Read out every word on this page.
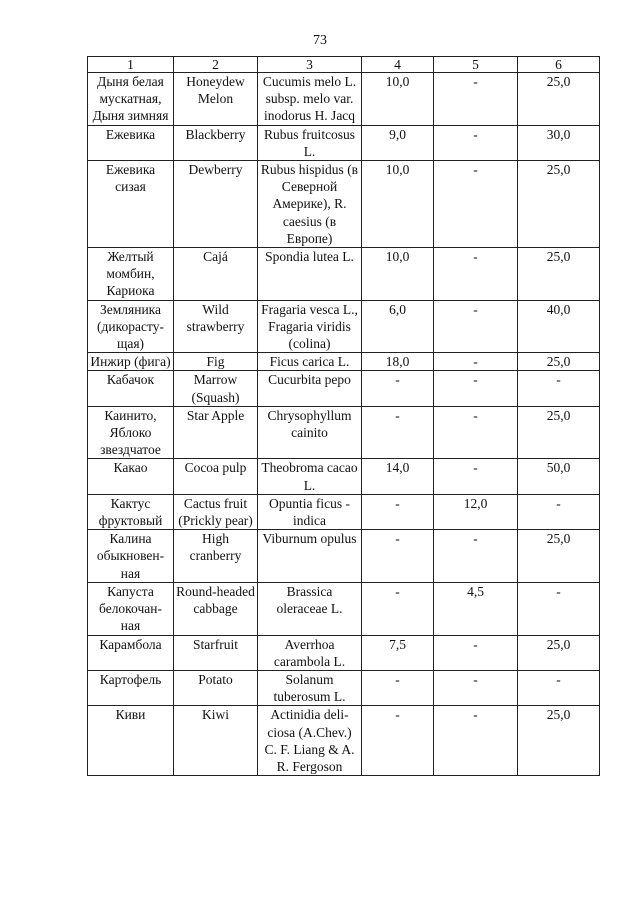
73
1	2	3	4	5	6
Дыня белая мускатная, Дыня зимняя	Honeydew Melon	Cucumis melo L. subsp. melo var. inodorus H. Jacq	10,0	-	25,0
Ежевика	Blackberry	Rubus fruitcosus L.	9,0	-	30,0
Ежевика сизая	Dewberry	Rubus hispidus (в Северной Америке), R. caesius (в Европе)	10,0	-	25,0
Желтый момбин, Кариока	Cajá	Spondia lutea L.	10,0	-	25,0
Земляника (дикорасту-щая)	Wild strawberry	Fragaria vesca L., Fragaria viridis (colina)	6,0	-	40,0
Инжир (фига)	Fig	Ficus carica L.	18,0	-	25,0
Кабачок	Marrow (Squash)	Cucurbita pepo	-	-	-
Каинито, Яблоко звездчатое	Star Apple	Chrysophyllum cainito	-	-	25,0
Какао	Cocoa pulp	Theobroma cacao L.	14,0	-	50,0
Кактус фруктовый	Cactus fruit (Prickly pear)	Opuntia ficus - indica	-	12,0	-
Калина обыкновен-ная	High cranberry	Viburnum opulus	-	-	25,0
Капуста белокочан-ная	Round-headed cabbage	Brassica oleraceae L.	-	4,5	-
Карамбола	Starfruit	Averrhoa carambola L.	7,5	-	25,0
Картофель	Potato	Solanum tuberosum L.	-	-	-
Киви	Kiwi	Actinidia deli-ciosa (A.Chev.) C. F. Liang & A. R. Fergoson	-	-	25,0
